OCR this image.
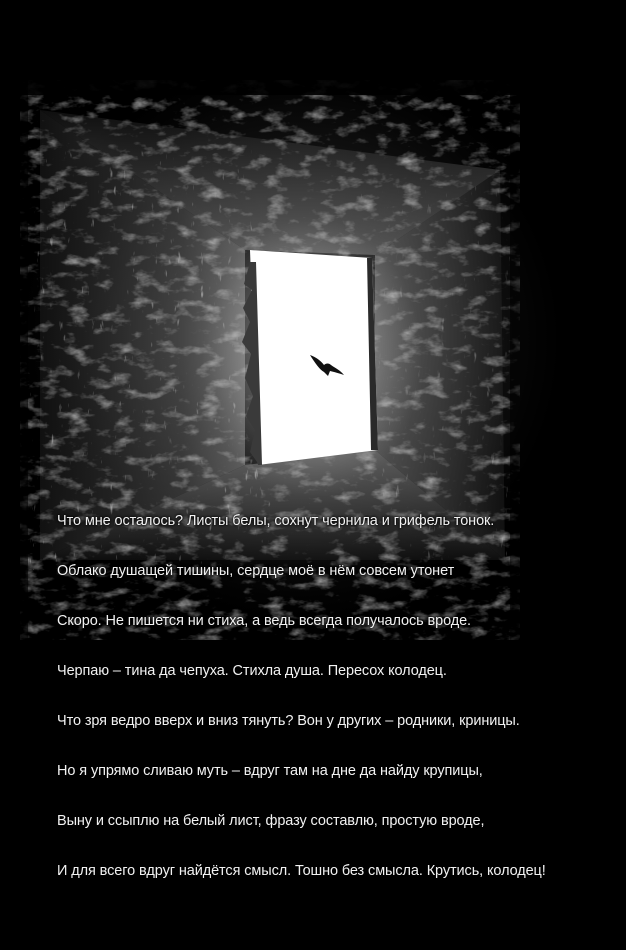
Что мне осталось? Листы белы, сохнут чернила и грифель тонок.
Облако душащей тишины, сердце моё в нём совсем утонет
Скоро. Не пишется ни стиха, а ведь всегда получалось вроде.
Черпаю – тина да чепуха. Стихла душа. Пересох колодец.
Что зря ведро вверх и вниз тянуть? Вон у других – родники, криницы.
Но я упрямо сливаю муть – вдруг там на дне да найду крупицы,
Выну и ссыплю на белый лист, фразу составлю, простую вроде,
И для всего вдруг найдётся смысл. Тошно без смысла. Крутись, колодец!
